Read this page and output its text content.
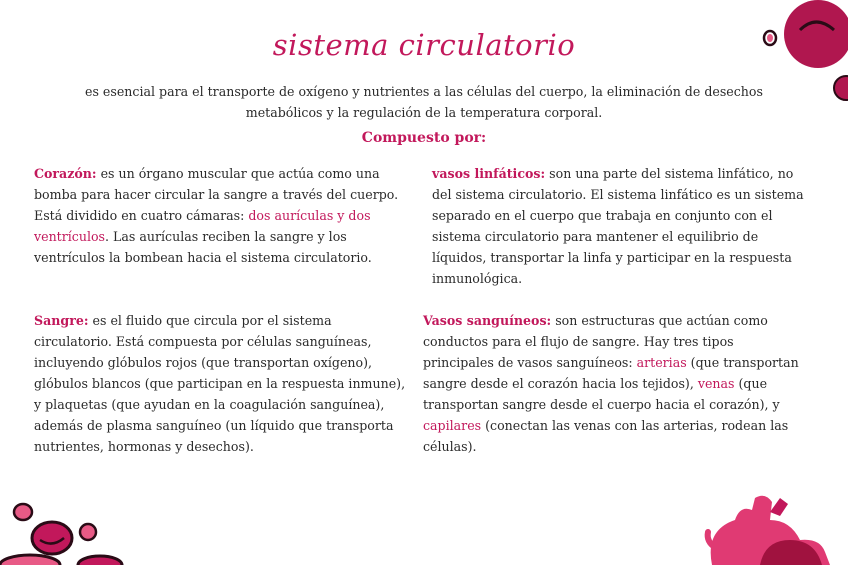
sistema circulatorio
es esencial para el transporte de oxígeno y nutrientes a las células del cuerpo, la eliminación de desechos metabólicos y la regulación de la temperatura corporal.
Compuesto por:
Corazón: es un órgano muscular que actúa como una bomba para hacer circular la sangre a través del cuerpo. Está dividido en cuatro cámaras: dos aurículas y dos ventrículos. Las aurículas reciben la sangre y los ventrículos la bombean hacia el sistema circulatorio.
vasos linfáticos: son una parte del sistema linfático, no del sistema circulatorio. El sistema linfático es un sistema separado en el cuerpo que trabaja en conjunto con el sistema circulatorio para mantener el equilibrio de líquidos, transportar la linfa y participar en la respuesta inmunológica.
Sangre: es el fluido que circula por el sistema circulatorio. Está compuesta por células sanguíneas, incluyendo glóbulos rojos (que transportan oxígeno), glóbulos blancos (que participan en la respuesta inmune), y plaquetas (que ayudan en la coagulación sanguínea), además de plasma sanguíneo (un líquido que transporta nutrientes, hormonas y desechos).
Vasos sanguíneos: son estructuras que actúan como conductos para el flujo de sangre. Hay tres tipos principales de vasos sanguíneos: arterias (que transportan sangre desde el corazón hacia los tejidos), venas (que transportan sangre desde el cuerpo hacia el corazón), y capilares (conectan las venas con las arterias, rodean las células).
